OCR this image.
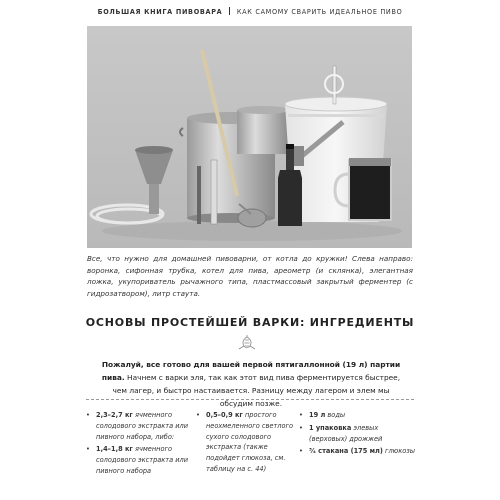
БОЛЬШАЯ КНИГА ПИВОВАРА КАК САМОМУ СВАРИТЬ ИДЕАЛЬНОЕ ПИВО
Все, что нужно для домашней пивоварни, от котла до кружки! Слева направо: воронка, сифонная трубка, котел для пива, ареометр (и склянка), элегантная ложка, укупориватель рычажного типа, пластмассовый закрытый ферментер (с гидрозатвором), литр стаута.
ОСНОВЫ ПРОСТЕЙШЕЙ ВАРКИ: ИНГРЕДИЕНТЫ
Пожалуй, все готово для вашей первой пятигаллонной (19 л) партии пива. Начнем с варки эля, так как этот вид пива ферментируется быстрее, чем лагер, и быстро настаивается. Разницу между лагером и элем мы обсудим позже.
• 2,3–2,7 кг ячменного солодового экстракта или пивного набора, либо:
• 1,4–1,8 кг ячменного солодового экстракта или пивного набора
• 0,5–0,9 кг простого неохмеленного светлого сухого солодового экстракта (также подойдет глюкоза, см. таблицу на с. 44)
• 19 л воды
• 1 упаковка элевых (верховых) дрожжей
• ³⁄₄ стакана (175 мл) глюкозы
